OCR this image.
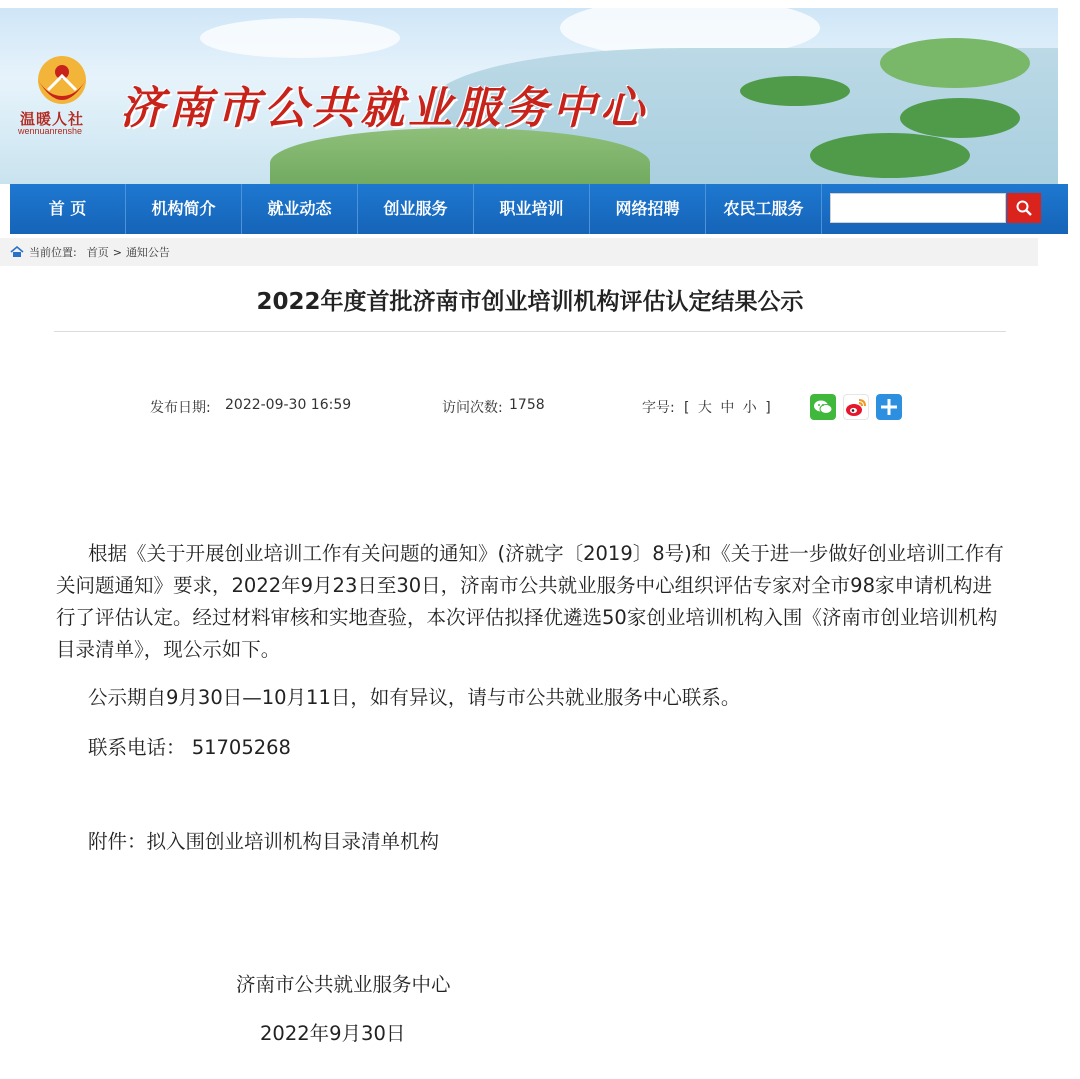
温暖人社
wennuanrenshe 济南市公共就业服务中心
首 页	机构简介	就业动态	创业服务	职业培训	网络招聘	农民工服务
当前位置: 首页 > 通知公告
2022年度首批济南市创业培训机构评估认定结果公示
发布日期: 2022-09-30 16:59	访问次数: 1758	字号: [ 大 中 小 ]
根据《关于开展创业培训工作有关问题的通知》(济就字〔2019〕8号)和《关于进一步做好创业培训工作有关问题通知》要求，2022年9月23日至30日，济南市公共就业服务中心组织评估专家对全市98家申请机构进行了评估认定。经过材料审核和实地查验，本次评估拟择优遴选50家创业培训机构入围《济南市创业培训机构目录清单》，现公示如下。
公示期自9月30日—10月11日，如有异议，请与市公共就业服务中心联系。
联系电话： 51705268
附件：拟入围创业培训机构目录清单机构
济南市公共就业服务中心
2022年9月30日
